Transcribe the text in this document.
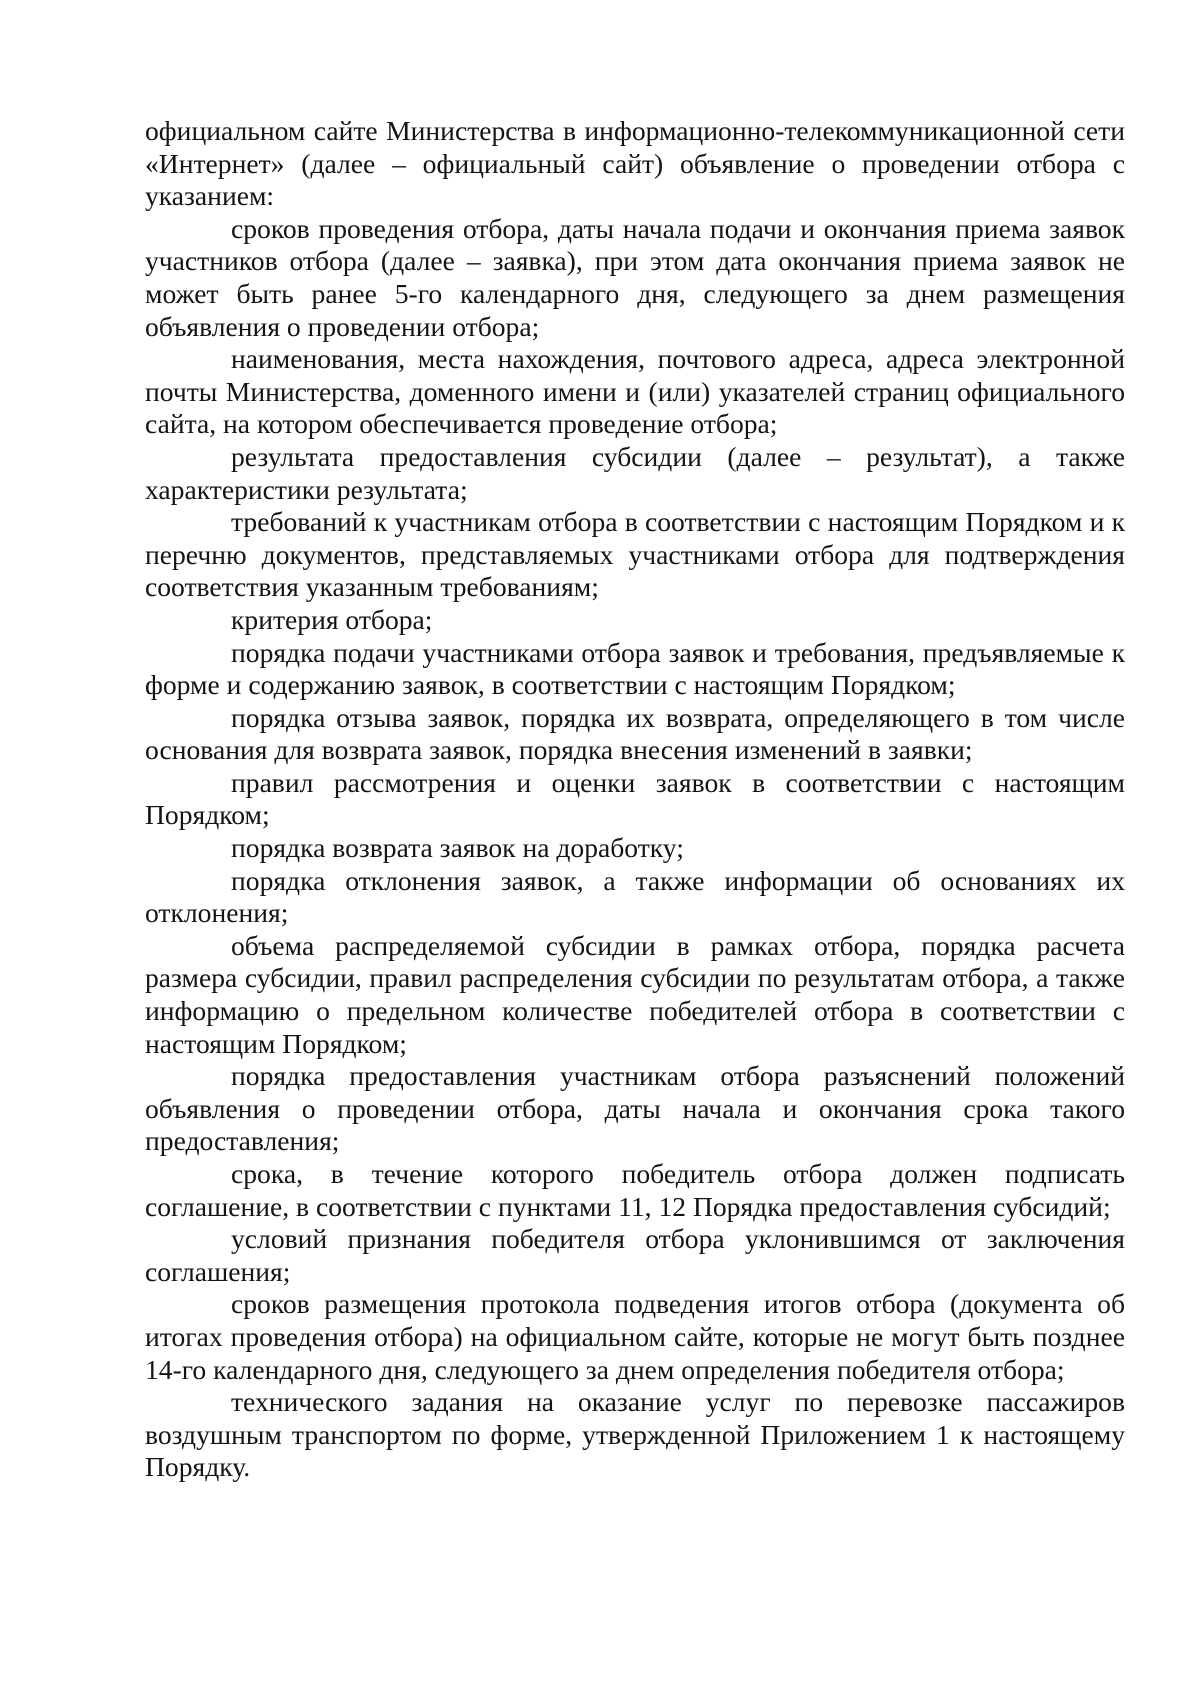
официальном сайте Министерства в информационно-телекоммуникационной сети «Интернет» (далее – официальный сайт) объявление о проведении отбора с указанием:

сроков проведения отбора, даты начала подачи и окончания приема заявок участников отбора (далее – заявка), при этом дата окончания приема заявок не может быть ранее 5-го календарного дня, следующего за днем размещения объявления о проведении отбора;

наименования, места нахождения, почтового адреса, адреса электронной почты Министерства, доменного имени и (или) указателей страниц официального сайта, на котором обеспечивается проведение отбора;

результата предоставления субсидии (далее – результат), а также характеристики результата;

требований к участникам отбора в соответствии с настоящим Порядком и к перечню документов, представляемых участниками отбора для подтверждения соответствия указанным требованиям;

критерия отбора;

порядка подачи участниками отбора заявок и требования, предъявляемые к форме и содержанию заявок, в соответствии с настоящим Порядком;

порядка отзыва заявок, порядка их возврата, определяющего в том числе основания для возврата заявок, порядка внесения изменений в заявки;

правил рассмотрения и оценки заявок в соответствии с настоящим Порядком;

порядка возврата заявок на доработку;

порядка отклонения заявок, а также информации об основаниях их отклонения;

объема распределяемой субсидии в рамках отбора, порядка расчета размера субсидии, правил распределения субсидии по результатам отбора, а также информацию о предельном количестве победителей отбора в соответствии с настоящим Порядком;

порядка предоставления участникам отбора разъяснений положений объявления о проведении отбора, даты начала и окончания срока такого предоставления;

срока, в течение которого победитель отбора должен подписать соглашение, в соответствии с пунктами 11, 12 Порядка предоставления субсидий;

условий признания победителя отбора уклонившимся от заключения соглашения;

сроков размещения протокола подведения итогов отбора (документа об итогах проведения отбора) на официальном сайте, которые не могут быть позднее 14-го календарного дня, следующего за днем определения победителя отбора;

технического задания на оказание услуг по перевозке пассажиров воздушным транспортом по форме, утвержденной Приложением 1 к настоящему Порядку.
